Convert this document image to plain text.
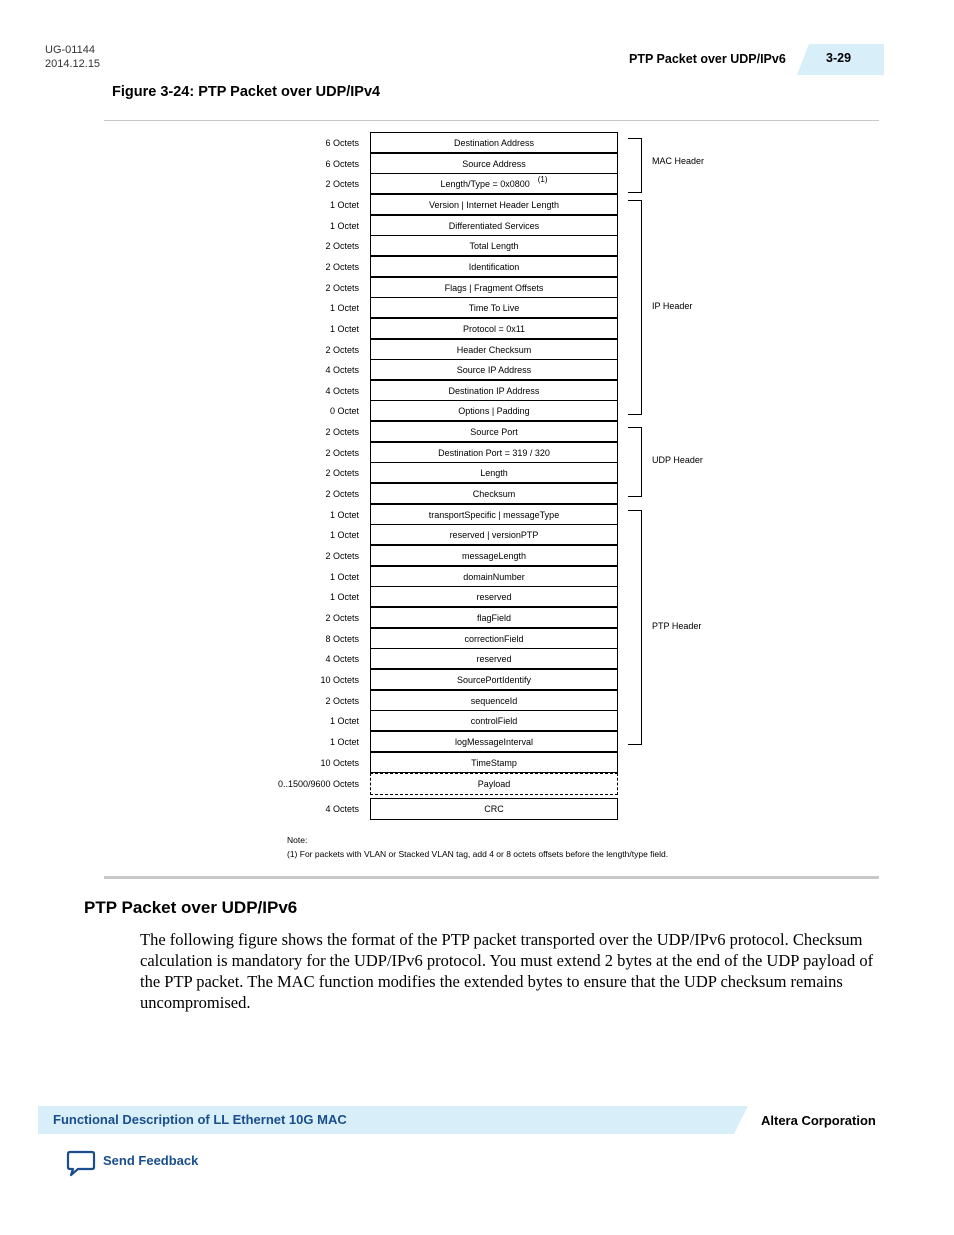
UG-01144
2014.12.15	PTP Packet over UDP/IPv6	3-29
Figure 3-24: PTP Packet over UDP/IPv4
6 Octets	Destination Address
6 Octets	Source Address
2 Octets	Length/Type = 0x0800 (1)
1 Octet	Version | Internet Header Length
1 Octet	Differentiated Services
2 Octets	Total Length
2 Octets	Identification
2 Octets	Flags | Fragment Offsets
1 Octet	Time To Live
1 Octet	Protocol = 0x11
2 Octets	Header Checksum
4 Octets	Source IP Address
4 Octets	Destination IP Address
0 Octet	Options | Padding
2 Octets	Source Port
2 Octets	Destination Port = 319 / 320
2 Octets	Length
2 Octets	Checksum
1 Octet	transportSpecific | messageType
1 Octet	reserved | versionPTP
2 Octets	messageLength
1 Octet	domainNumber
1 Octet	reserved
2 Octets	flagField
8 Octets	correctionField
4 Octets	reserved
10 Octets	SourcePortIdentify
2 Octets	sequenceId
1 Octet	controlField
1 Octet	logMessageInterval
10 Octets	TimeStamp
0..1500/9600 Octets	Payload
4 Octets	CRC
MAC Header
IP Header
UDP Header
PTP Header
Note:
(1) For packets with VLAN or Stacked VLAN tag, add 4 or 8 octets offsets before the length/type field.
PTP Packet over UDP/IPv6
The following figure shows the format of the PTP packet transported over the UDP/IPv6 protocol. Checksum calculation is mandatory for the UDP/IPv6 protocol. You must extend 2 bytes at the end of the UDP payload of the PTP packet. The MAC function modifies the extended bytes to ensure that the UDP checksum remains uncompromised.
Functional Description of LL Ethernet 10G MAC	Altera Corporation
Send Feedback
